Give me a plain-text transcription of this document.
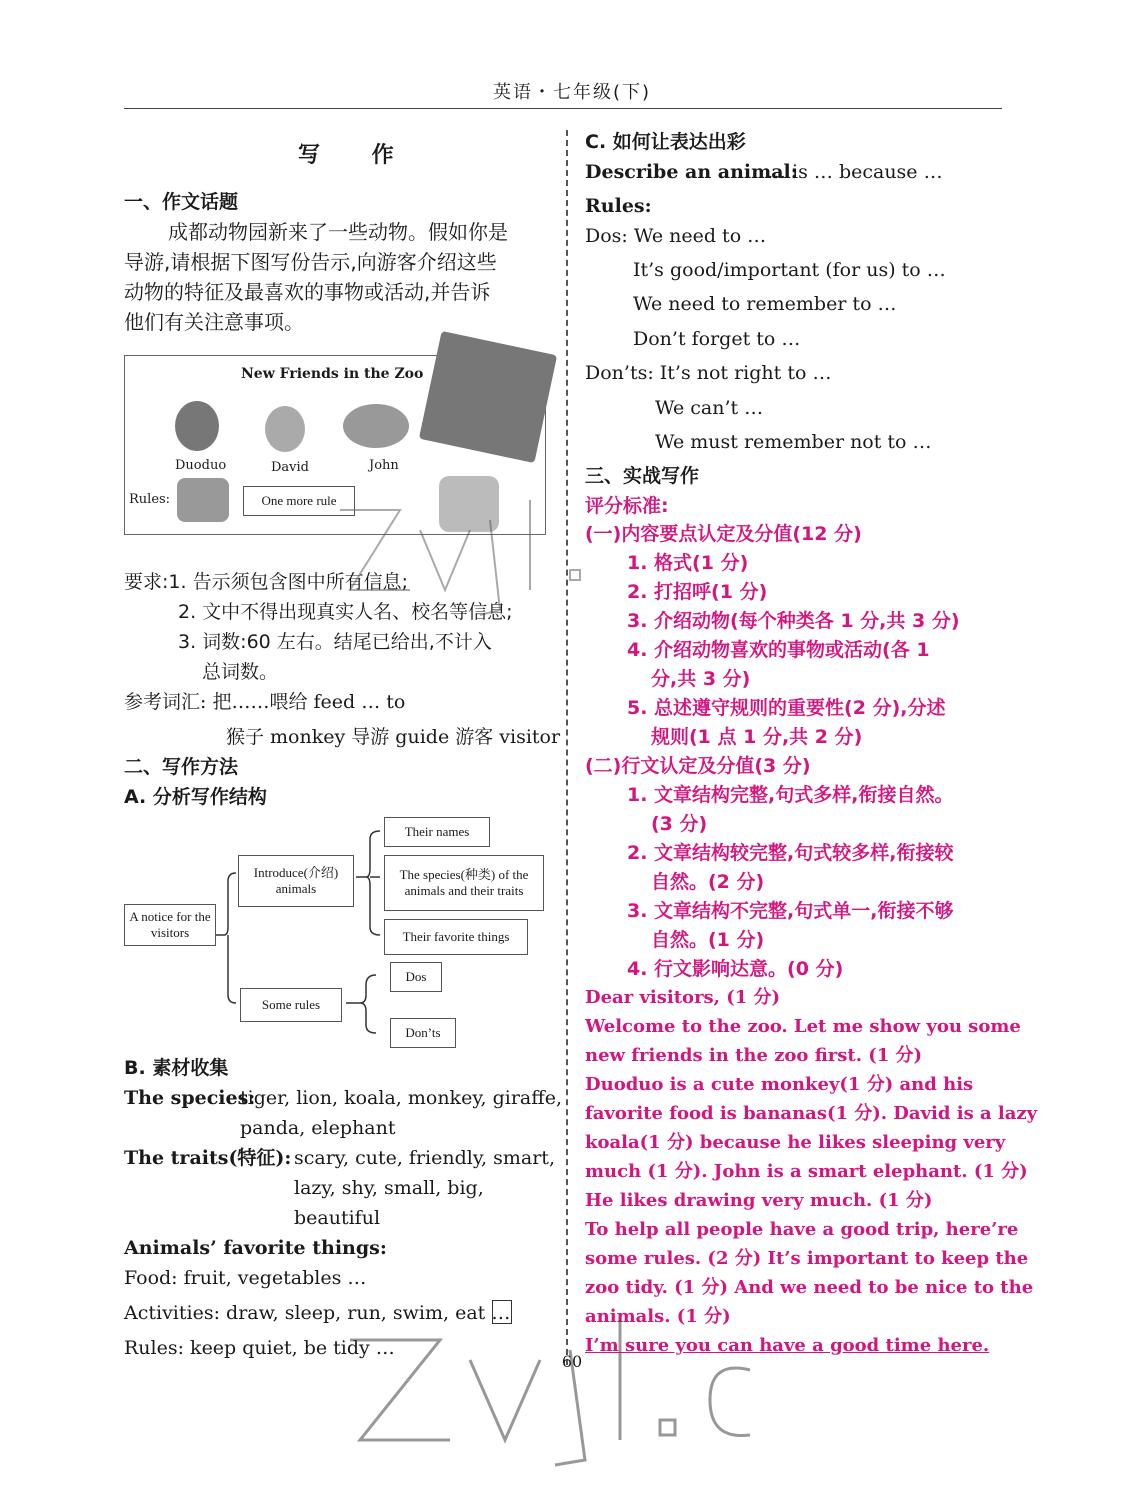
英语・七年级(下)
写 作
一、作文话题
成都动物园新来了一些动物。假如你是
导游,请根据下图写份告示,向游客介绍这些
动物的特征及最喜欢的事物或活动,并告诉
他们有关注意事项。
New Friends in the Zoo
Duoduo	David	John
Rules:	One more rule
要求:1. 告示须包含图中所有信息;
2. 文中不得出现真实人名、校名等信息;
3. 词数:60 左右。结尾已给出,不计入
总词数。
参考词汇: 把……喂给 feed … to
猴子 monkey 导游 guide 游客 visitor
二、写作方法
A. 分析写作结构
A notice for the visitors
Introduce(介绍) animals
Their names
The species(种类) of the animals and their traits
Their favorite things
Some rules
Dos
Don’ts
B. 素材收集
The species:
tiger, lion, koala, monkey, giraffe,
panda, elephant
The traits(特征): scary, cute, friendly, smart,
lazy, shy, small, big,
beautiful
Animals’ favorite things:
Food: fruit, vegetables …
Activities: draw, sleep, run, swim, eat …
Rules: keep quiet, be tidy …
C. 如何让表达出彩
Describe an animal:
… is … because …
Rules:
Dos: We need to …
It’s good/important (for us) to …
We need to remember to …
Don’t forget to …
Don’ts: It’s not right to …
We can’t …
We must remember not to …
三、实战写作
评分标准:
(一)内容要点认定及分值(12 分)
1. 格式(1 分)
2. 打招呼(1 分)
3. 介绍动物(每个种类各 1 分,共 3 分)
4. 介绍动物喜欢的事物或活动(各 1
分,共 3 分)
5. 总述遵守规则的重要性(2 分),分述
规则(1 点 1 分,共 2 分)
(二)行文认定及分值(3 分)
1. 文章结构完整,句式多样,衔接自然。
(3 分)
2. 文章结构较完整,句式较多样,衔接较
自然。(2 分)
3. 文章结构不完整,句式单一,衔接不够
自然。(1 分)
4. 行文影响达意。(0 分)
Dear visitors, (1 分)
Welcome to the zoo. Let me show you some
new friends in the zoo first. (1 分)
Duoduo is a cute monkey(1 分) and his
favorite food is bananas(1 分). David is a lazy
koala(1 分) because he likes sleeping very
much (1 分). John is a smart elephant. (1 分)
He likes drawing very much. (1 分)
To help all people have a good trip, here’re
some rules. (2 分) It’s important to keep the
zoo tidy. (1 分) And we need to be nice to the
animals. (1 分)
I’m sure you can have a good time here.
60
